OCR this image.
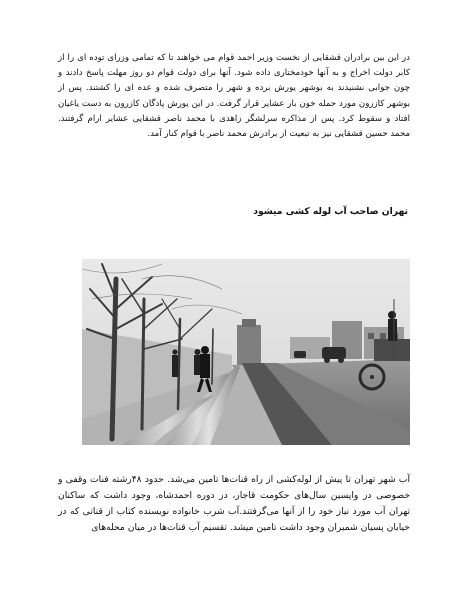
در این بین برادران قشقایی از نخست وزیر احمد قوام می خواهند تا که تمامی وزرای توده ای را از کابر دولت اخراج و به آنها خودمختاری داده شود. آنها برای دولت قوام دو روز مهلت پاسخ دادند و چون جوابی نشنیدند به بوشهر یورش برده و شهر را متصرف شده و عده ای را کشتند. پس از بوشهر کازرون مورد حمله خون بار عشایر قرار گرفت. در این یورش پادگان کازرون به دست یاغیان افتاد و سقوط کرد. پس از مذاکره سرلشگر زاهدی با محمد ناصر قشقایی عشایر ارام گرفتند. محمد حسین قشقایی نیز به تبعیت از برادرش محمد ناصر با قوام کنار آمد.

تهران صاحب آب لوله کشی میشود

آب شهر تهران تا پیش از لوله‌کشی از راه قنات‌ها تامین می‌شد. حدود ۴۸رشته قنات وقفی و خصوصی در واپسین سال‌های حکومت قاجار، در دوره احمدشاه، وجود داشت که ساکنان تهران آب مورد نیاز خود را از آنها می‌گرفتند.آب شرب خانواده نویسنده کتاب از قناتی که در خیابان پسیان شمیران وجود داشت تامین میشد. تقسیم آب قنات‌ها در میان محله‌های
